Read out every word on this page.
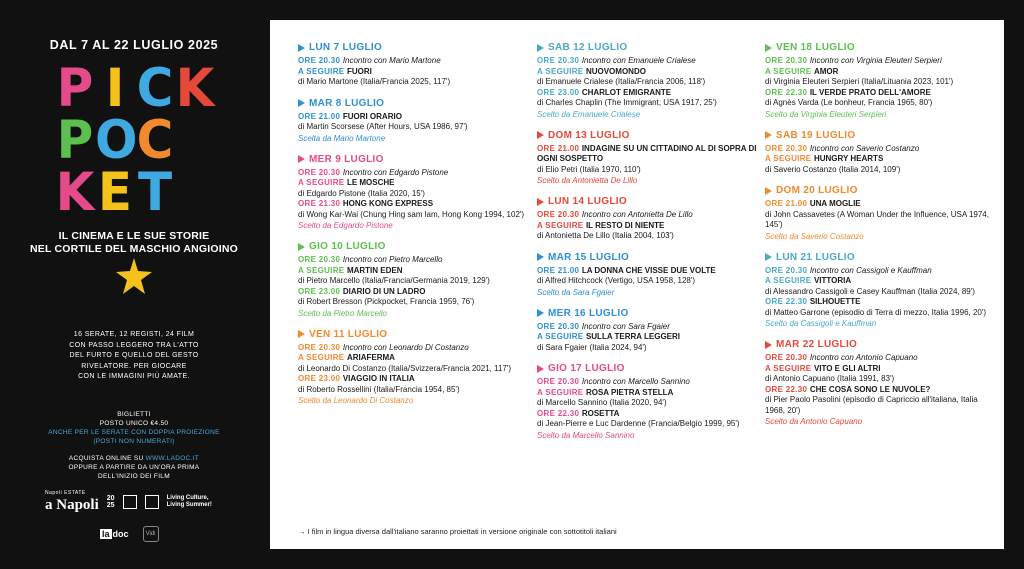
DAL 7 AL 22 LUGLIO 2025
P I C K
P O C
K E T
IL CINEMA E LE SUE STORIE
NEL CORTILE DEL MASCHIO ANGIOINO
16 SERATE, 12 REGISTI, 24 FILM
CON PASSO LEGGERO TRA L'ATTO
DEL FURTO E QUELLO DEL GESTO
RIVELATORE. PER GIOCARE
CON LE IMMAGINI PIÙ AMATE.
BIGLIETTI
POSTO UNICO €4.50
ANCHE PER LE SERATE CON DOPPIA PROIEZIONE
(POSTI NON NUMERATI)
ACQUISTA ONLINE SU WWW.LADOC.IT
OPPURE A PARTIRE DA UN'ORA PRIMA
DELL'INIZIO DEI FILM
Napoli ESTATE
a Napoli 20
25
Living Culture,
Living Summer!
la doc	Vidi
LUN 7 LUGLIO
ORE 20.30 Incontro con Mario Martone
A SEGUIRE FUORI
di Mario Martone (Italia/Francia 2025, 117')
MAR 8 LUGLIO
ORE 21.00 FUORI ORARIO
di Martin Scorsese (After Hours, USA 1986, 97')
Scelta da Mario Martone
MER 9 LUGLIO
ORE 20.30 Incontro con Edgardo Pistone
A SEGUIRE LE MOSCHE
di Edgardo Pistone (Italia 2020, 15')
ORE 21.30 HONG KONG EXPRESS
di Wong Kar-Wai (Chung Hing sam lam, Hong Kong 1994, 102')
Scelto da Edgardo Pistone
GIO 10 LUGLIO
ORE 20.30 Incontro con Pietro Marcello
A SEGUIRE MARTIN EDEN
di Pietro Marcello (Italia/Francia/Germania 2019, 129')
ORE 23.00 DIARIO DI UN LADRO
di Robert Bresson (Pickpocket, Francia 1959, 76')
Scelto da Pietro Marcello
VEN 11 LUGLIO
ORE 20.30 Incontro con Leonardo Di Costanzo
A SEGUIRE ARIAFERMA
di Leonardo Di Costanzo (Italia/Svizzera/Francia 2021, 117')
ORE 23.00 VIAGGIO IN ITALIA
di Roberto Rossellini (Italia/Francia 1954, 85')
Scelto da Leonardo Di Costanzo
SAB 12 LUGLIO
ORE 20.30 Incontro con Emanuele Crialese
A SEGUIRE NUOVOMONDO
di Emanuele Crialese (Italia/Francia 2006, 118')
ORE 23.00 CHARLOT EMIGRANTE
di Charles Chaplin (The Immigrant, USA 1917, 25')
Scelto da Emanuele Crialese
DOM 13 LUGLIO
ORE 21.00 INDAGINE SU UN CITTADINO AL DI SOPRA DI OGNI SOSPETTO
di Elio Petri (Italia 1970, 110')
Scelto da Antonietta De Lillo
LUN 14 LUGLIO
ORE 20.30 Incontro con Antonietta De Lillo
A SEGUIRE IL RESTO DI NIENTE
di Antonietta De Lillo (Italia 2004, 103')
MAR 15 LUGLIO
ORE 21.00 LA DONNA CHE VISSE DUE VOLTE
di Alfred Hitchcock (Vertigo, USA 1958, 128')
Scelto da Sara Fgaier
MER 16 LUGLIO
ORE 20.30 Incontro con Sara Fgaier
A SEGUIRE SULLA TERRA LEGGERI
di Sara Fgaier (Italia 2024, 94')
GIO 17 LUGLIO
ORE 20.30 Incontro con Marcello Sannino
A SEGUIRE ROSA PIETRA STELLA
di Marcello Sannino (Italia 2020, 94')
ORE 22.30 ROSETTA
di Jean-Pierre e Luc Dardenne (Francia/Belgio 1999, 95')
Scelto da Marcello Sannino
VEN 18 LUGLIO
ORE 20.30 Incontro con Virginia Eleuteri Serpieri
A SEGUIRE AMOR
di Virginia Eleuteri Serpieri (Italia/Lituania 2023, 101')
ORE 22.30 IL VERDE PRATO DELL'AMORE
di Agnès Varda (Le bonheur, Francia 1965, 80')
Scelto da Virginia Eleuteri Serpieri
SAB 19 LUGLIO
ORE 20.30 Incontro con Saverio Costanzo
A SEGUIRE HUNGRY HEARTS
di Saverio Costanzo (Italia 2014, 109')
DOM 20 LUGLIO
ORE 21.00 UNA MOGLIE
di John Cassavetes (A Woman Under the Influence, USA 1974, 145')
Scelto da Saverio Costanzo
LUN 21 LUGLIO
ORE 20.30 Incontro con Cassigoli e Kauffman
A SEGUIRE VITTORIA
di Alessandro Cassigoli e Casey Kauffman (Italia 2024, 89')
ORE 22.30 SILHOUETTE
di Matteo Garrone (episodio di Terra di mezzo, Italia 1996, 20')
Scelto da Cassigoli e Kauffman
MAR 22 LUGLIO
ORE 20.30 Incontro con Antonio Capuano
A SEGUIRE VITO E GLI ALTRI
di Antonio Capuano (Italia 1991, 83')
ORE 22.30 CHE COSA SONO LE NUVOLE?
di Pier Paolo Pasolini (episodio di Capriccio all'italiana, Italia 1968, 20')
Scelto da Antonio Capuano
→ I film in lingua diversa dall'italiano saranno proiettati in versione originale con sottotitoli italiani
